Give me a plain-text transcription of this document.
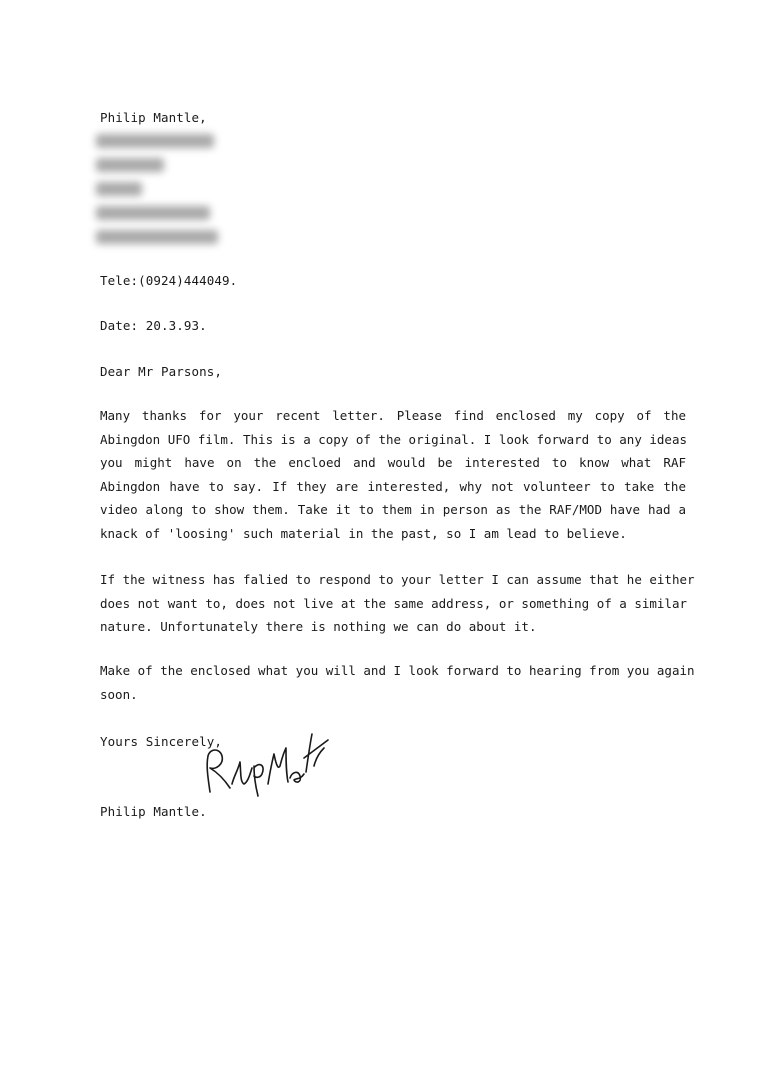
Philip Mantle,
Tele:(0924)444049.
Date: 20.3.93.
Dear Mr Parsons,
Many thanks for your recent letter. Please find enclosed my copy of the
Abingdon UFO film. This is a copy of the original. I look forward to any ideas
you might have on the encloed and would be interested to know what RAF
Abingdon have to say. If they are interested, why not volunteer to take the
video along to show them. Take it to them in person as the RAF/MOD have had a
knack of 'loosing' such material in the past, so I am lead to believe.
If the witness has falied to respond to your letter I can assume that he either
does not want to, does not live at the same address, or something of a similar
nature. Unfortunately there is nothing we can do about it.
Make of the enclosed what you will and I look forward to hearing from you again
soon.
Yours Sincerely,
Philip Mantle.
